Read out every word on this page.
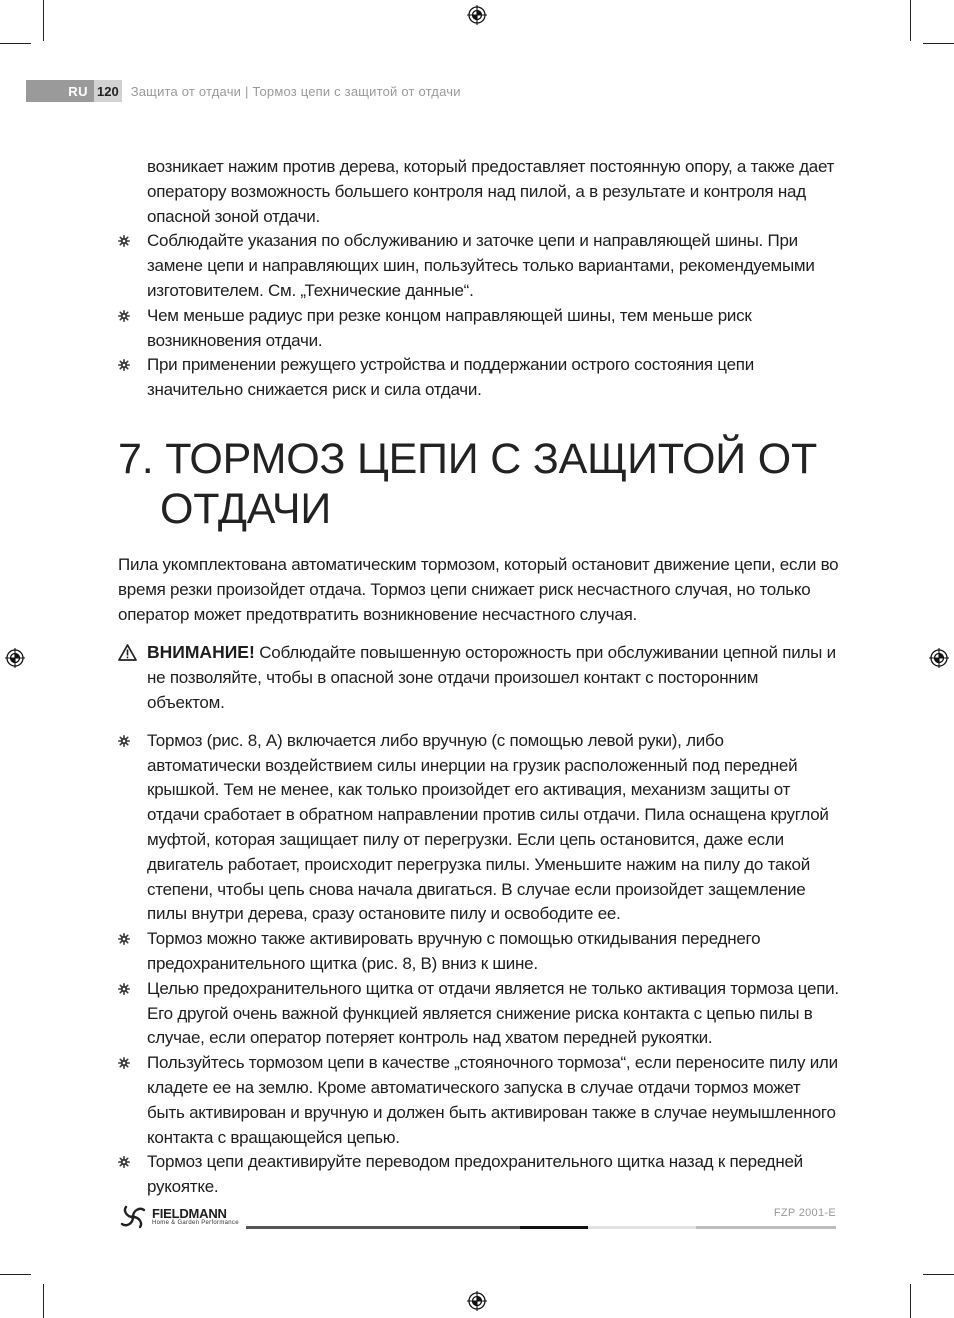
RU 120 Защита от отдачи | Тормоз цепи с защитой от отдачи
возникает нажим против дерева, который предоставляет постоянную опору, а также дает оператору возможность большего контроля над пилой, а в результате и контроля над опасной зоной отдачи.
Соблюдайте указания по обслуживанию и заточке цепи и направляющей шины. При замене цепи и направляющих шин, пользуйтесь только вариантами, рекомендуемыми изготовителем. См. „Технические данные“.
Чем меньше радиус при резке концом направляющей шины, тем меньше риск возникновения отдачи.
При применении режущего устройства и поддержании острого состояния цепи значительно снижается риск и сила отдачи.
7. ТОРМОЗ ЦЕПИ С ЗАЩИТОЙ ОТ
ОТДАЧИ

Пила укомплектована автоматическим тормозом, который остановит движение цепи, если во время резки произойдет отдача. Тормоз цепи снижает риск несчастного случая, но только оператор может предотвратить возникновение несчастного случая.

ВНИМАНИЕ! Соблюдайте повышенную осторожность при обслуживании цепной пилы и не позволяйте, чтобы в опасной зоне отдачи произошел контакт с посторонним объектом.
Тормоз (рис. 8, A) включается либо вручную (с помощью левой руки), либо автоматически воздействием силы инерции на грузик расположенный под передней крышкой. Тем не менее, как только произойдет его активация, механизм защиты от отдачи сработает в обратном направлении против силы отдачи. Пила оснащена круглой муфтой, которая защищает пилу от перегрузки. Если цепь остановится, даже если двигатель работает, происходит перегрузка пилы. Уменьшите нажим на пилу до такой степени, чтобы цепь снова начала двигаться. В случае если произойдет защемление пилы внутри дерева, сразу остановите пилу и освободите ее.
Тормоз можно также активировать вручную с помощью откидывания переднего предохранительного щитка (рис. 8, B) вниз к шине.
Целью предохранительного щитка от отдачи является не только активация тормоза цепи. Его другой очень важной функцией является снижение риска контакта с цепью пилы в случае, если оператор потеряет контроль над хватом передней рукоятки.
Пользуйтесь тормозом цепи в качестве „стояночного тормоза“, если переносите пилу или кладете ее на землю. Кроме автоматического запуска в случае отдачи тормоз может быть активирован и вручную и должен быть активирован также в случае неумышленного контакта с вращающейся цепью.
Тормоз цепи деактивируйте переводом предохранительного щитка назад к передней рукоятке.
FIELDMANN
Home & Garden Performance
FZP 2001-E
